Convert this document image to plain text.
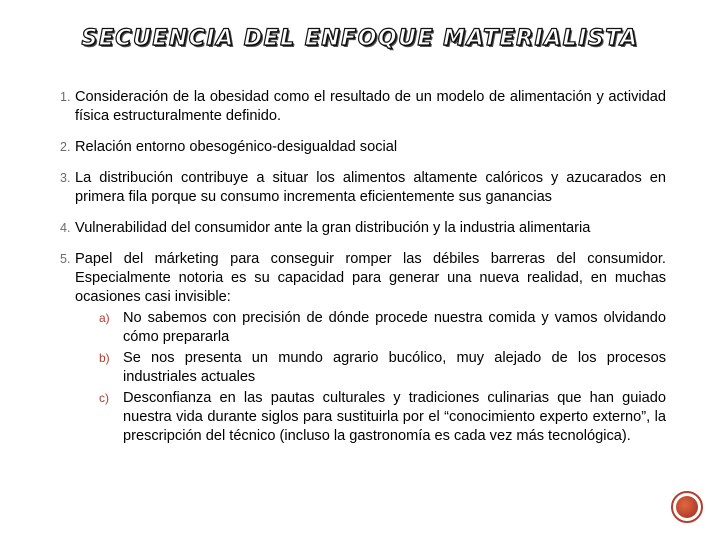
SECUENCIA DEL ENFOQUE MATERIALISTA
1. Consideración de la obesidad como el resultado de un modelo de alimentación y actividad física estructuralmente definido.
2. Relación entorno obesogénico-desigualdad social
3. La distribución contribuye a situar los alimentos altamente calóricos y azucarados en primera fila porque su consumo incrementa eficientemente sus ganancias
4. Vulnerabilidad del consumidor ante la gran distribución y la industria alimentaria
5. Papel del márketing para conseguir romper las débiles barreras del consumidor. Especialmente notoria es su capacidad para generar una nueva realidad, en muchas ocasiones casi invisible:
a) No sabemos con precisión de dónde procede nuestra comida y vamos olvidando cómo prepararla
b) Se nos presenta un mundo agrario bucólico, muy alejado de los procesos industriales actuales
c) Desconfianza en las pautas culturales y tradiciones culinarias que han guiado nuestra vida durante siglos para sustituirla por el “conocimiento experto externo”, la prescripción del técnico (incluso la gastronomía es cada vez más tecnológica).
